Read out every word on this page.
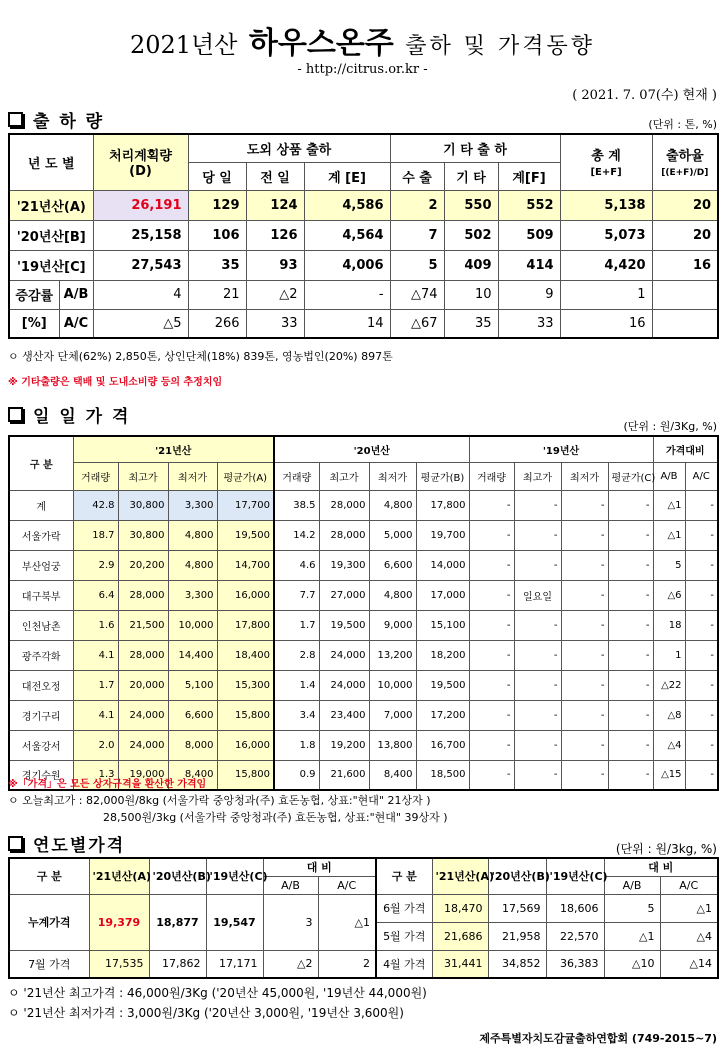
2021년산 하우스온주 출하 및 가격동향
- http://citrus.or.kr -
( 2021. 7. 07(수) 현재 )
출 하 량	(단위 : 톤, %)
년 도 별		처리계획량
(D)	도외 상품 출하			기 타 출 하			총 계
[E+F]	출하율
[(E+F)/D]
			당 일	전 일	계 [E]	수 출	기 타	계[F]		
'21년산(A)		26,191	129	124	4,586	2	550	552	5,138	20
'20년산[B]		25,158	106	126	4,564	7	502	509	5,073	20
'19년산[C]		27,543	35	93	4,006	5	409	414	4,420	16
증감률	A/B	4	21	△2	-	△74	10	9	1	
[%]	A/C	△5	266	33	14	△67	35	33	16	
ㅇ 생산자 단체(62%) 2,850톤, 상인단체(18%) 839톤, 영농법인(20%) 897톤
※ 기타출량은 택배 및 도내소비량 등의 추정치임
일 일 가 격	(단위 : 원/3Kg, %)
구 분	'21년산				'20년산				'19년산				가격대비	
	거래량	최고가	최저가	평균가(A)	거래량	최고가	최저가	평균가(B)	거래량	최고가	최저가	평균가(C)	A/B	A/C
계	42.8	30,800	3,300	17,700	38.5	28,000	4,800	17,800	-	-	-	-	△1	-
서울가락	18.7	30,800	4,800	19,500	14.2	28,000	5,000	19,700	-	-	-	-	△1	-
부산엄궁	2.9	20,200	4,800	14,700	4.6	19,300	6,600	14,000	-	-	-	-	5	-
대구북부	6.4	28,000	3,300	16,000	7.7	27,000	4,800	17,000	-	일요일	-	-	△6	-
인천남촌	1.6	21,500	10,000	17,800	1.7	19,500	9,000	15,100	-	-	-	-	18	-
광주각화	4.1	28,000	14,400	18,400	2.8	24,000	13,200	18,200	-	-	-	-	1	-
대전오정	1.7	20,000	5,100	15,300	1.4	24,000	10,000	19,500	-	-	-	-	△22	-
경기구리	4.1	24,000	6,600	15,800	3.4	23,400	7,000	17,200	-	-	-	-	△8	-
서울강서	2.0	24,000	8,000	16,000	1.8	19,200	13,800	16,700	-	-	-	-	△4	-
경기수원	1.3	19,000	8,400	15,800	0.9	21,600	8,400	18,500	-	-	-	-	△15	-
※「가격」은 모든 상자규격을 환산한 가격임
ㅇ 오늘최고가 : 82,000원/8kg (서울가락 중앙청과(주) 효돈농협, 상표:"현대" 21상자 )
28,500원/3kg (서울가락 중앙청과(주) 효돈농협, 상표:"현대" 39상자 )
연도별가격	(단위 : 원/3kg, %)
구 분	'21년산(A)	'20년산(B)	'19년산(C)	대 비	
				A/B	A/C
누계가격	19,379	18,877	19,547	3	△1
7월 가격	17,535	17,862	17,171	△2	2
구 분	'21년산(A)	'20년산(B)	'19년산(C)	대 비	
				A/B	A/C
6월 가격	18,470	17,569	18,606	5	△1
5월 가격	21,686	21,958	22,570	△1	△4
4월 가격	31,441	34,852	36,383	△10	△14
ㅇ '21년산 최고가격 : 46,000원/3Kg ('20년산 45,000원, '19년산 44,000원)
ㅇ '21년산 최저가격 : 3,000원/3Kg ('20년산 3,000원, '19년산 3,600원)
제주특별자치도감귤출하연합회 (749-2015~7)
